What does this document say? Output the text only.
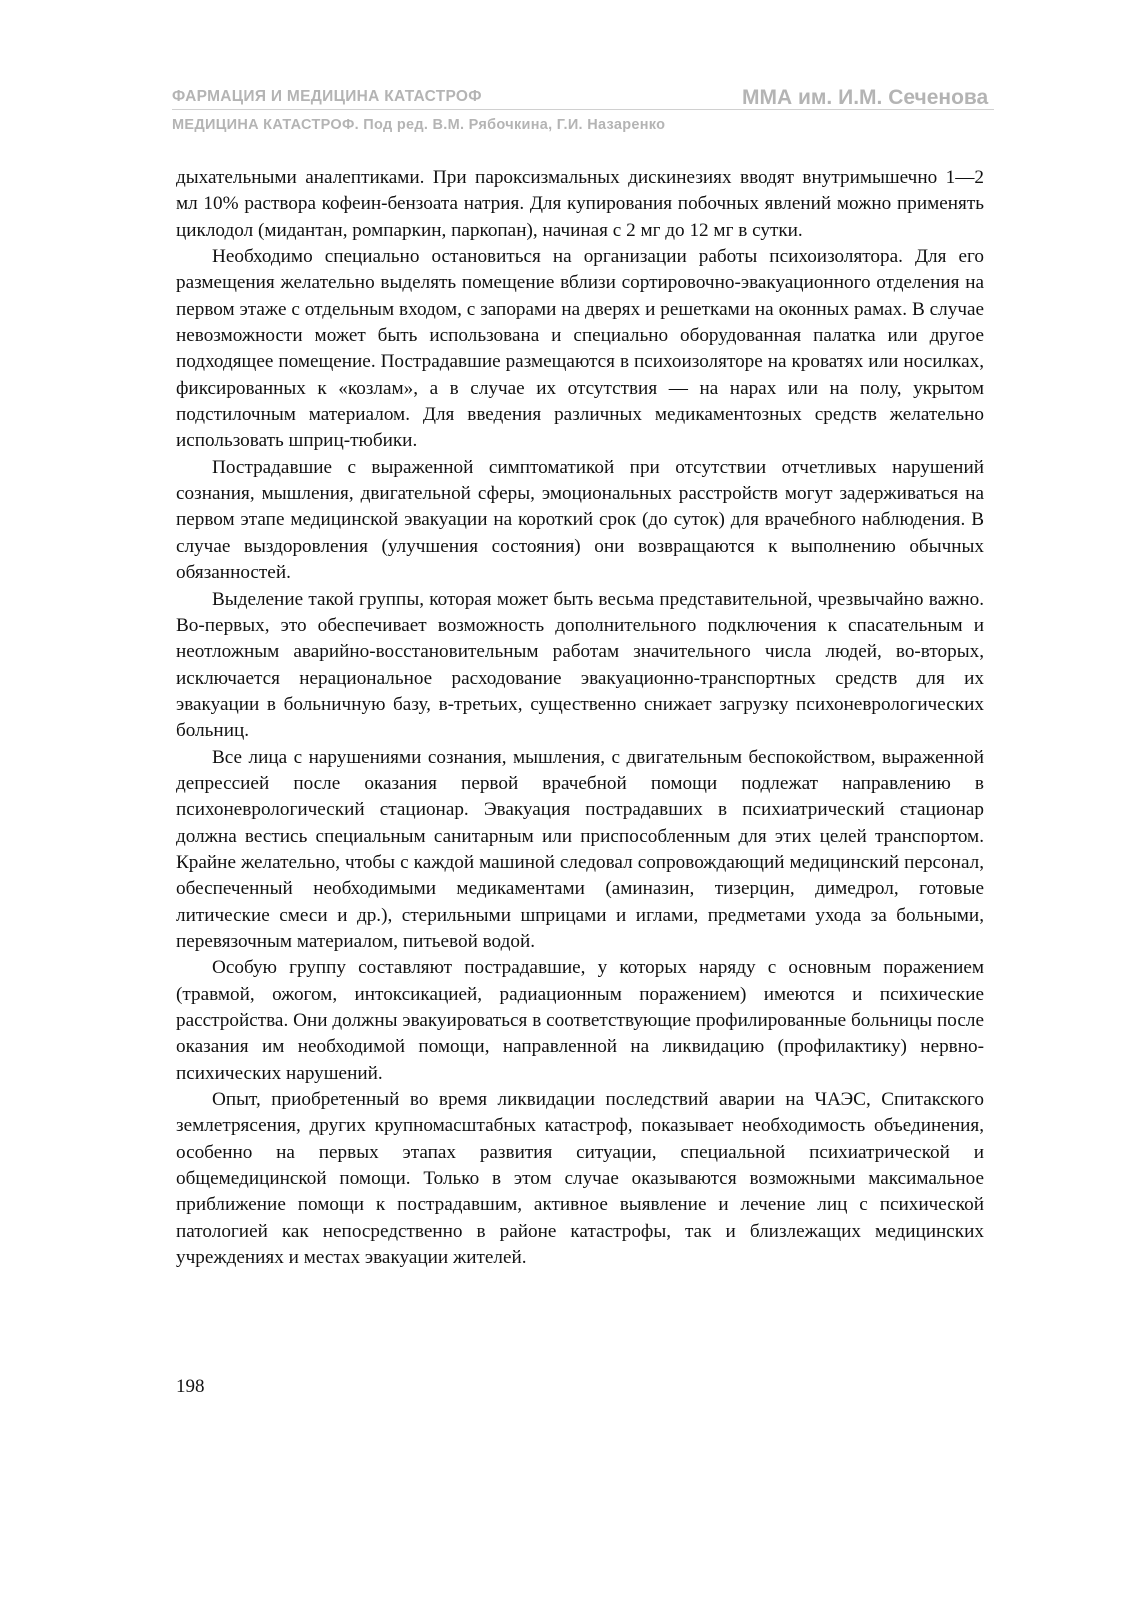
ФАРМАЦИЯ И МЕДИЦИНА КАТАСТРОФ	ММА им. И.М. Сеченова
МЕДИЦИНА КАТАСТРОФ. Под ред. В.М. Рябочкина, Г.И. Назаренко

дыхательными аналептиками. При пароксизмальных дискинезиях вводят внутримышечно 1—2 мл 10% раствора кофеин-бензоата натрия. Для купирования побочных явлений можно применять циклодол (мидантан, ромпаркин, паркопан), начиная с 2 мг до 12 мг в сутки.

Необходимо специально остановиться на организации работы психоизолятора. Для его размещения желательно выделять помещение вблизи сортировочно-эвакуационного отделения на первом этаже с отдельным входом, с запорами на дверях и решетками на оконных рамах. В случае невозможности может быть использована и специально оборудованная палатка или другое подходящее помещение. Пострадавшие размещаются в психоизоляторе на кроватях или носилках, фиксированных к «козлам», а в случае их отсутствия — на нарах или на полу, укрытом подстилочным материалом. Для введения различных медикаментозных средств желательно использовать шприц-тюбики.

Пострадавшие с выраженной симптоматикой при отсутствии отчетливых нарушений сознания, мышления, двигательной сферы, эмоциональных расстройств могут задерживаться на первом этапе медицинской эвакуации на короткий срок (до суток) для врачебного наблюдения. В случае выздоровления (улучшения состояния) они возвращаются к выполнению обычных обязанностей.

Выделение такой группы, которая может быть весьма представительной, чрезвычайно важно. Во-первых, это обеспечивает возможность дополнительного подключения к спасательным и неотложным аварийно-восстановительным работам значительного числа людей, во-вторых, исключается нерациональное расходование эвакуационно-транспортных средств для их эвакуации в больничную базу, в-третьих, существенно снижает загрузку психоневрологических больниц.

Все лица с нарушениями сознания, мышления, с двигательным беспокойством, выраженной депрессией после оказания первой врачебной помощи подлежат направлению в психоневрологический стационар. Эвакуация пострадавших в психиатрический стационар должна вестись специальным санитарным или приспособленным для этих целей транспортом. Крайне желательно, чтобы с каждой машиной следовал сопровождающий медицинский персонал, обеспеченный необходимыми медикаментами (аминазин, тизерцин, димедрол, готовые литические смеси и др.), стерильными шприцами и иглами, предметами ухода за больными, перевязочным материалом, питьевой водой.

Особую группу составляют пострадавшие, у которых наряду с основным поражением (травмой, ожогом, интоксикацией, радиационным поражением) имеются и психические расстройства. Они должны эвакуироваться в соответствующие профилированные больницы после оказания им необходимой помощи, направленной на ликвидацию (профилактику) нервно-психических нарушений.

Опыт, приобретенный во время ликвидации последствий аварии на ЧАЭС, Спитакского землетрясения, других крупномасштабных катастроф, показывает необходимость объединения, особенно на первых этапах развития ситуации, специальной психиатрической и общемедицинской помощи. Только в этом случае оказываются возможными максимальное приближение помощи к пострадавшим, активное выявление и лечение лиц с психической патологией как непосредственно в районе катастрофы, так и близлежащих медицинских учреждениях и местах эвакуации жителей.

198
